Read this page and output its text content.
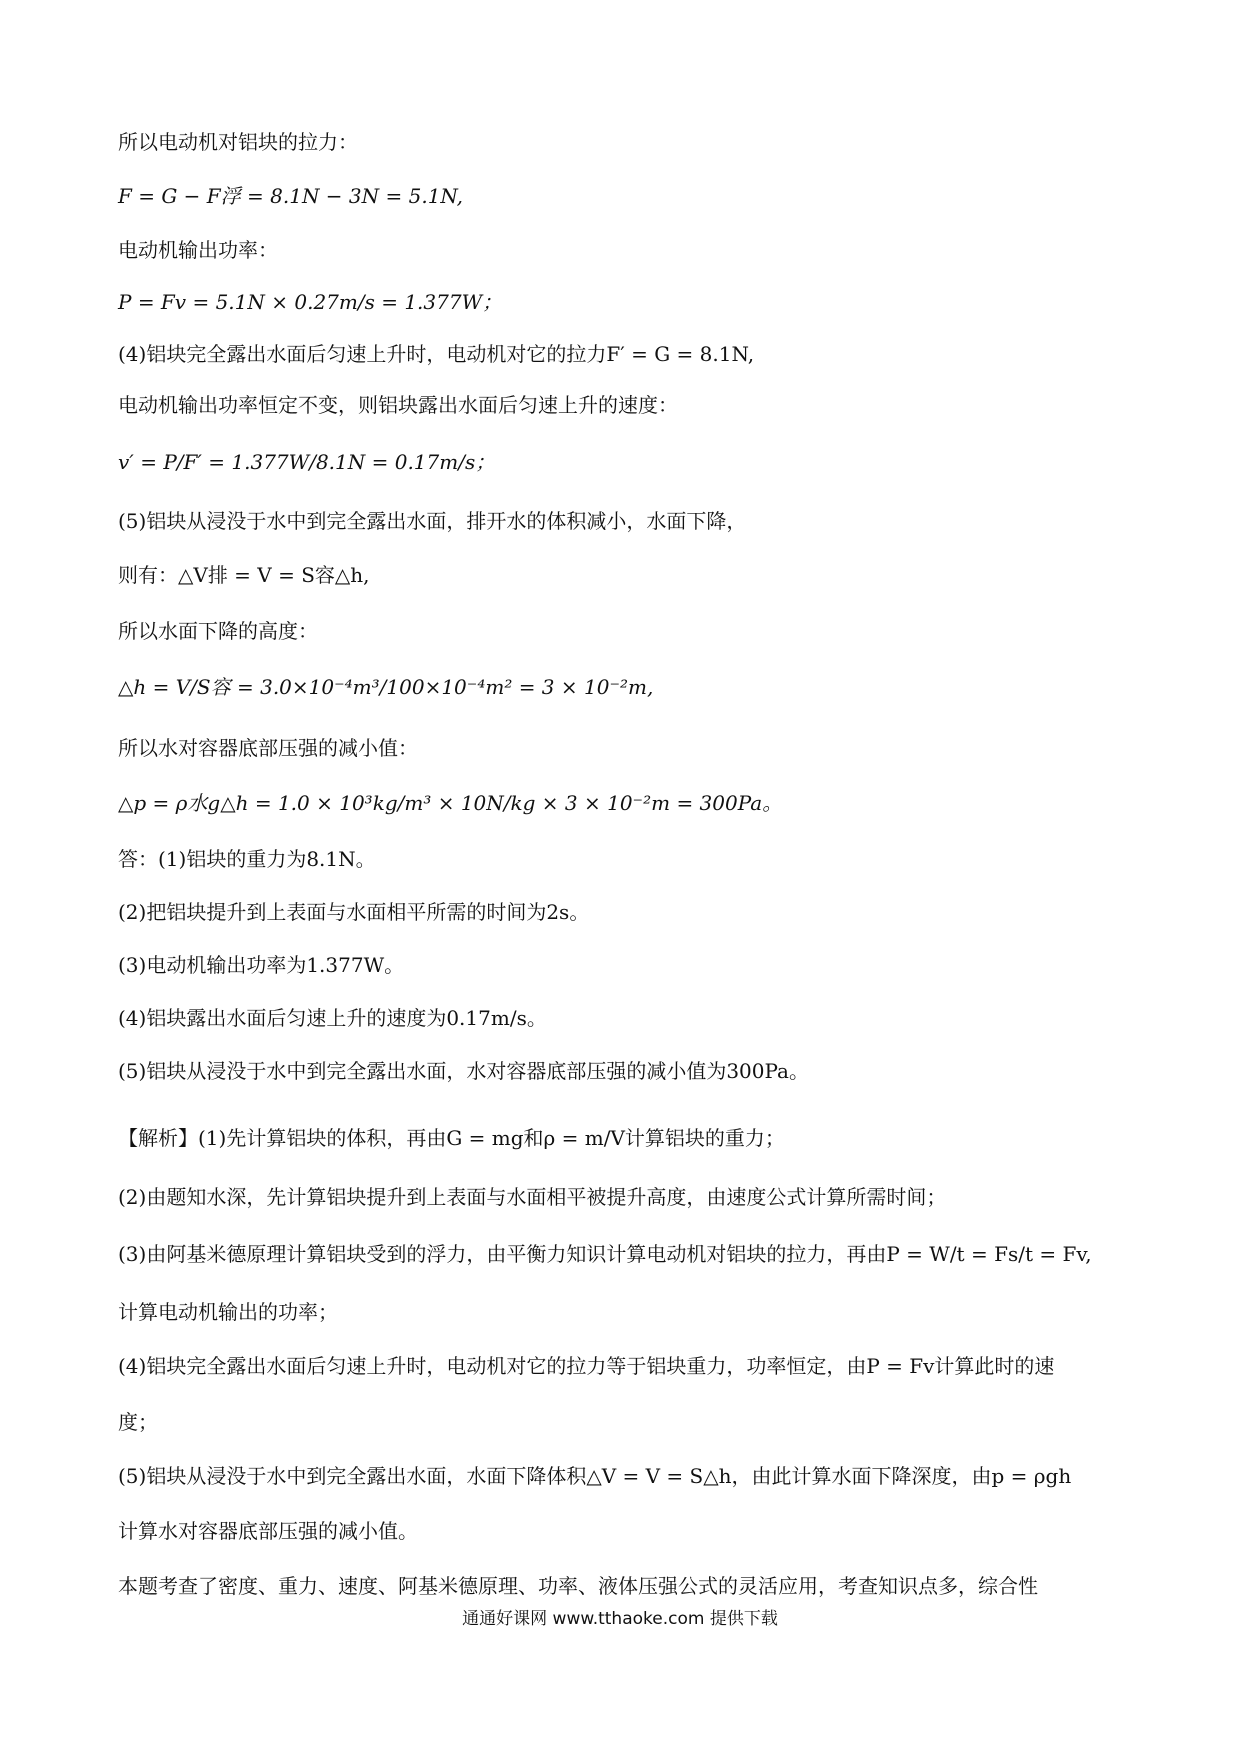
所以电动机对铝块的拉力：
F = G − F浮 = 8.1N − 3N = 5.1N,
电动机输出功率：
P = Fv = 5.1N × 0.27m/s = 1.377W；
(4)铝块完全露出水面后匀速上升时，电动机对它的拉力F′ = G = 8.1N,
电动机输出功率恒定不变，则铝块露出水面后匀速上升的速度：
v′ = P/F′ = 1.377W/8.1N = 0.17m/s；
(5)铝块从浸没于水中到完全露出水面，排开水的体积减小，水面下降，
则有：△V排 = V = S容△h,
所以水面下降的高度：
△h = V/S容 = 3.0×10⁻⁴m³/100×10⁻⁴m² = 3 × 10⁻²m,
所以水对容器底部压强的减小值：
△p = ρ水g△h = 1.0 × 10³kg/m³ × 10N/kg × 3 × 10⁻²m = 300Pa。
答：(1)铝块的重力为8.1N。
(2)把铝块提升到上表面与水面相平所需的时间为2s。
(3)电动机输出功率为1.377W。
(4)铝块露出水面后匀速上升的速度为0.17m/s。
(5)铝块从浸没于水中到完全露出水面，水对容器底部压强的减小值为300Pa。
【解析】(1)先计算铝块的体积，再由G = mg和ρ = m/V计算铝块的重力；
(2)由题知水深，先计算铝块提升到上表面与水面相平被提升高度，由速度公式计算所需时间；
(3)由阿基米德原理计算铝块受到的浮力，由平衡力知识计算电动机对铝块的拉力，再由P = W/t = Fs/t = Fv,
计算电动机输出的功率；
(4)铝块完全露出水面后匀速上升时，电动机对它的拉力等于铝块重力，功率恒定，由P = Fv计算此时的速
度；
(5)铝块从浸没于水中到完全露出水面，水面下降体积△V = V = S△h，由此计算水面下降深度，由p = ρgh
计算水对容器底部压强的减小值。
本题考查了密度、重力、速度、阿基米德原理、功率、液体压强公式的灵活应用，考查知识点多，综合性
通通好课网 www.tthaoke.com 提供下载
